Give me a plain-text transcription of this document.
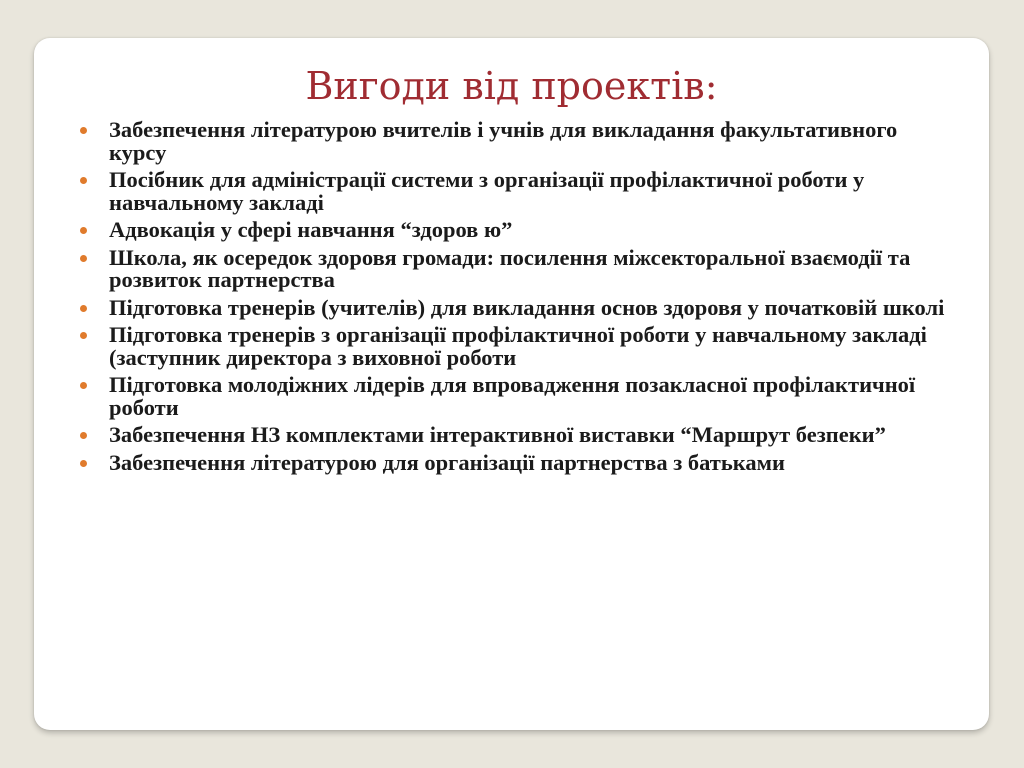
Вигоди від проектів:
Забезпечення літературою вчителів і учнів для викладання факультативного курсу
Посібник для адміністрації системи з організації профілактичної роботи у навчальному закладі
Адвокація у сфері навчання “здоров ю”
Школа, як осередок здоровя громади: посилення міжсекторальної взаємодії та розвиток партнерства
Підготовка тренерів (учителів) для викладання основ здоровя у початковій школі
Підготовка тренерів з організації профілактичної роботи у навчальному закладі (заступник директора з виховної роботи
Підготовка молодіжних лідерів для впровадження позакласної профілактичної роботи
Забезпечення НЗ комплектами інтерактивної виставки “Маршрут безпеки”
Забезпечення літературою для організації партнерства з батьками
